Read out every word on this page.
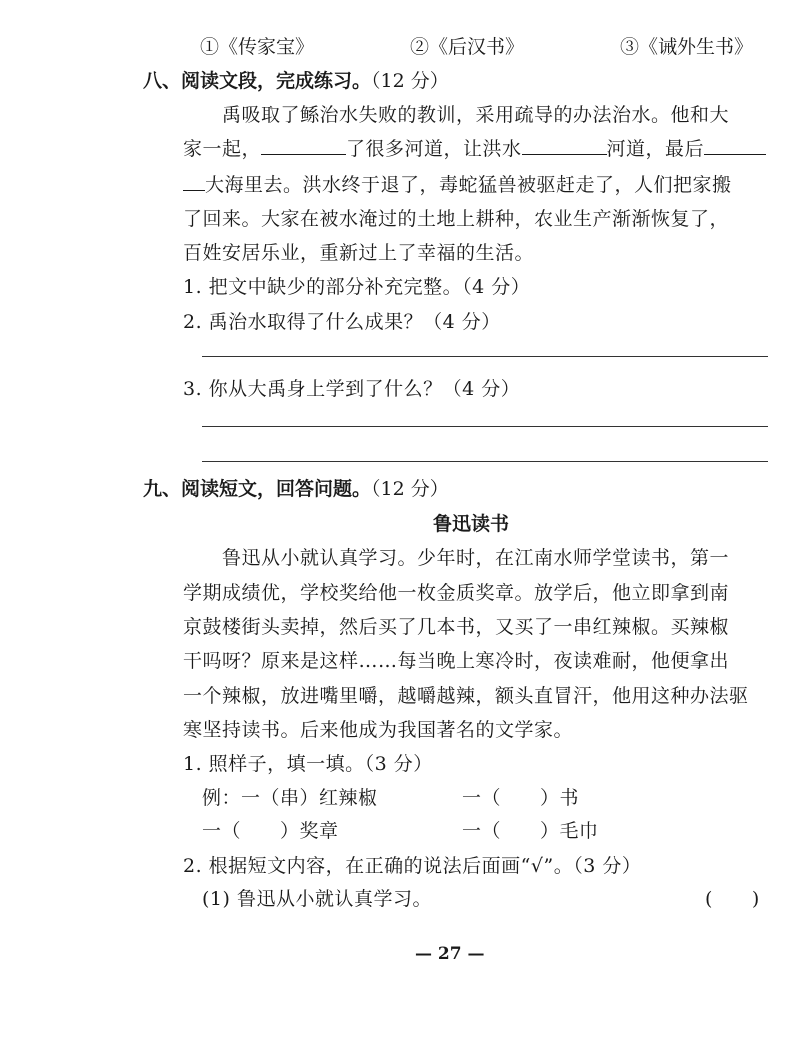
①《传家宝》	②《后汉书》	③《诫外生书》
八、阅读文段，完成练习。（12 分）
禹吸取了鲧治水失败的教训，采用疏导的办法治水。他和大
家一起，	了很多河道，让洪水	河道，最后
大海里去。洪水终于退了，毒蛇猛兽被驱赶走了，人们把家搬
了回来。大家在被水淹过的土地上耕种，农业生产渐渐恢复了，
百姓安居乐业，重新过上了幸福的生活。
1. 把文中缺少的部分补充完整。（4 分）
2. 禹治水取得了什么成果？（4 分）
3. 你从大禹身上学到了什么？（4 分）
九、阅读短文，回答问题。（12 分）
鲁迅读书
鲁迅从小就认真学习。少年时，在江南水师学堂读书，第一
学期成绩优，学校奖给他一枚金质奖章。放学后，他立即拿到南
京鼓楼街头卖掉，然后买了几本书，又买了一串红辣椒。买辣椒
干吗呀？原来是这样……每当晚上寒冷时，夜读难耐，他便拿出
一个辣椒，放进嘴里嚼，越嚼越辣，额头直冒汗，他用这种办法驱
寒坚持读书。后来他成为我国著名的文学家。
1. 照样子，填一填。（3 分）
例：一（串）红辣椒	一（　　）书
一（　　）奖章	一（　　）毛巾
2. 根据短文内容，在正确的说法后面画“√”。（3 分）
(1) 鲁迅从小就认真学习。	(　　)
— 27 —
